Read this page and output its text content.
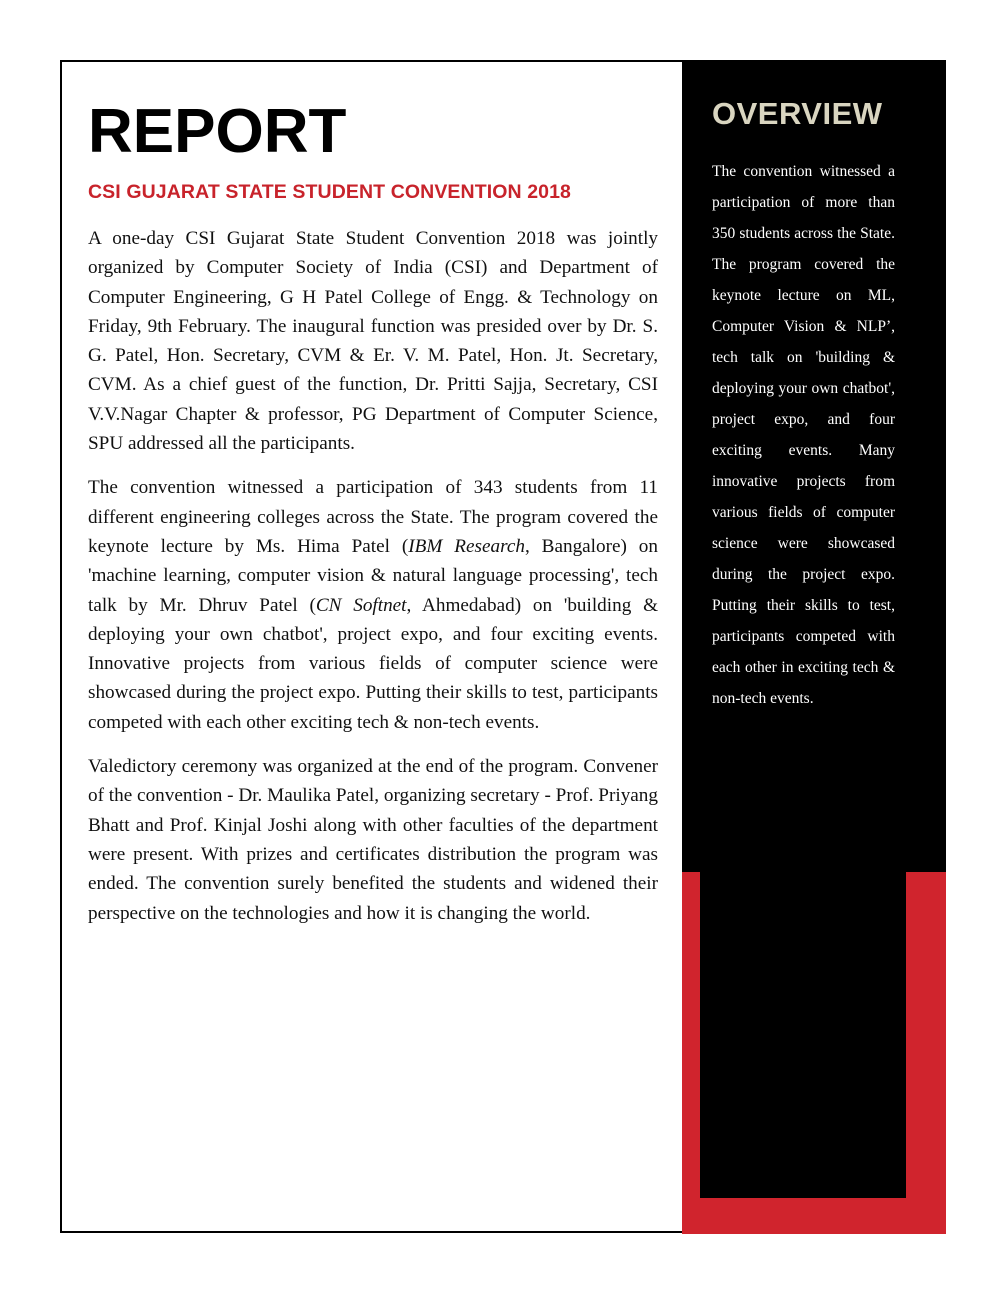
OVERVIEW

The convention witnessed a participation of more than 350 students across the State. The program covered the keynote lecture on ML, Computer Vision & NLP’, tech talk on 'building & deploying your own chatbot', project expo, and four exciting events. Many innovative projects from various fields of computer science were showcased during the project expo. Putting their skills to test, participants competed with each other in exciting tech & non-tech events.

REPORT
CSI GUJARAT STATE STUDENT CONVENTION 2018

A one-day CSI Gujarat State Student Convention 2018 was jointly organized by Computer Society of India (CSI) and Department of Computer Engineering, G H Patel College of Engg. & Technology on Friday, 9th February. The inaugural function was presided over by Dr. S. G. Patel, Hon. Secretary, CVM & Er. V. M. Patel, Hon. Jt. Secretary, CVM. As a chief guest of the function, Dr. Pritti Sajja, Secretary, CSI V.V.Nagar Chapter & professor, PG Department of Computer Science, SPU addressed all the participants.

The convention witnessed a participation of 343 students from 11 different engineering colleges across the State. The program covered the keynote lecture by Ms. Hima Patel (IBM Research, Bangalore) on 'machine learning, computer vision & natural language processing', tech talk by Mr. Dhruv Patel (CN Softnet, Ahmedabad) on 'building & deploying your own chatbot', project expo, and four exciting events. Innovative projects from various fields of computer science were showcased during the project expo. Putting their skills to test, participants competed with each other exciting tech & non-tech events.

Valedictory ceremony was organized at the end of the program. Convener of the convention - Dr. Maulika Patel, organizing secretary - Prof. Priyang Bhatt and Prof. Kinjal Joshi along with other faculties of the department were present. With prizes and certificates distribution the program was ended. The convention surely benefited the students and widened their perspective on the technologies and how it is changing the world.
